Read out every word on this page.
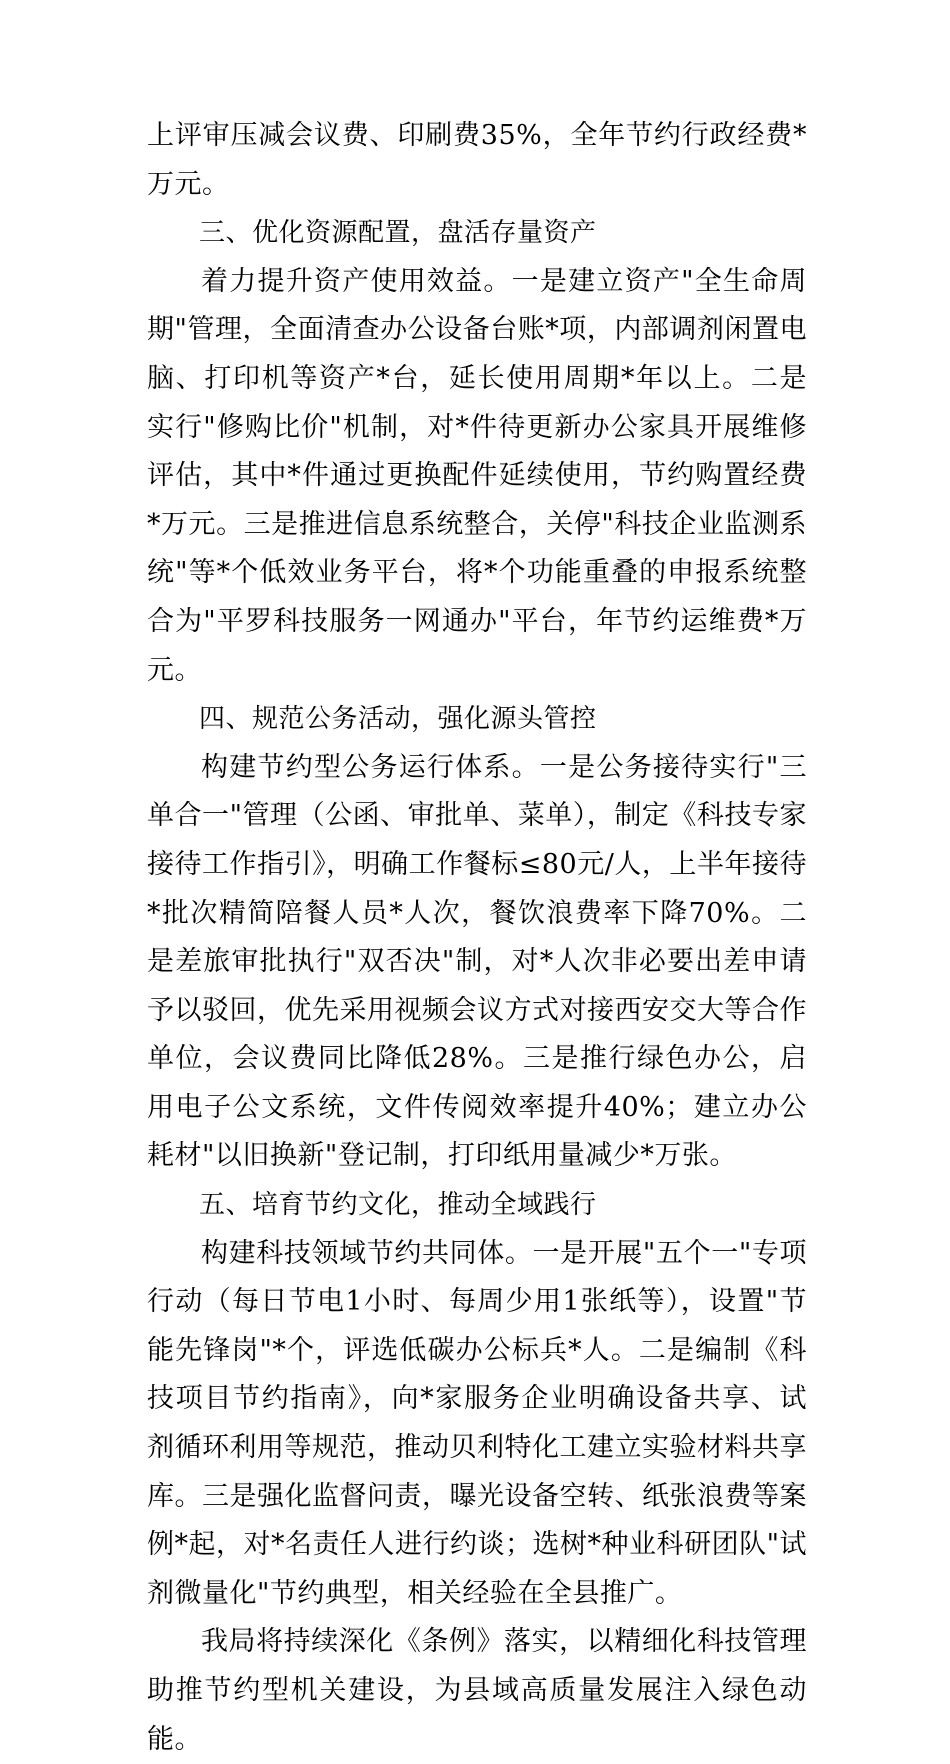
上评审压减会议费、印刷费35%，全年节约行政经费*万元。

三、优化资源配置，盘活存量资产

着力提升资产使用效益。一是建立资产"全生命周期"管理，全面清查办公设备台账*项，内部调剂闲置电脑、打印机等资产*台，延长使用周期*年以上。二是实行"修购比价"机制，对*件待更新办公家具开展维修评估，其中*件通过更换配件延续使用，节约购置经费*万元。三是推进信息系统整合，关停"科技企业监测系统"等*个低效业务平台，将*个功能重叠的申报系统整合为"平罗科技服务一网通办"平台，年节约运维费*万元。

四、规范公务活动，强化源头管控

构建节约型公务运行体系。一是公务接待实行"三单合一"管理（公函、审批单、菜单），制定《科技专家接待工作指引》，明确工作餐标≤80元/人，上半年接待*批次精简陪餐人员*人次，餐饮浪费率下降70%。二是差旅审批执行"双否决"制，对*人次非必要出差申请予以驳回，优先采用视频会议方式对接西安交大等合作单位，会议费同比降低28%。三是推行绿色办公，启用电子公文系统，文件传阅效率提升40%；建立办公耗材"以旧换新"登记制，打印纸用量减少*万张。

五、培育节约文化，推动全域践行

构建科技领域节约共同体。一是开展"五个一"专项行动（每日节电1小时、每周少用1张纸等），设置"节能先锋岗"*个，评选低碳办公标兵*人。二是编制《科技项目节约指南》，向*家服务企业明确设备共享、试剂循环利用等规范，推动贝利特化工建立实验材料共享库。三是强化监督问责，曝光设备空转、纸张浪费等案例*起，对*名责任人进行约谈；选树*种业科研团队"试剂微量化"节约典型，相关经验在全县推广。

我局将持续深化《条例》落实，以精细化科技管理助推节约型机关建设，为县域高质量发展注入绿色动能。
